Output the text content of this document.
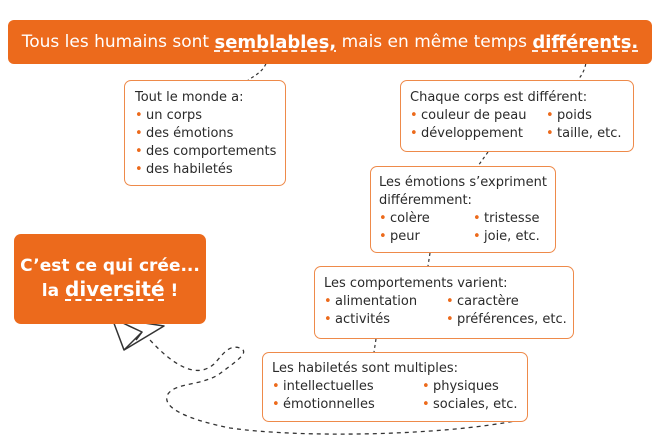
Tous les humains sont
semblables,
mais en même temps
différents.
Tout le monde a:
• un corps
• des émotions
• des comportements
• des habiletés
Chaque corps est différent:
• couleur de peau
• développement
• poids
• taille, etc.
Les émotions s’expriment
différemment:
• colère
• peur
• tristesse
• joie, etc.
Les comportements varient:
• alimentation
• activités
• caractère
• préférences, etc.
Les habiletés sont multiples:
• intellectuelles
• émotionnelles
• physiques
• sociales, etc.
C’est ce qui crée...
la diversité !
